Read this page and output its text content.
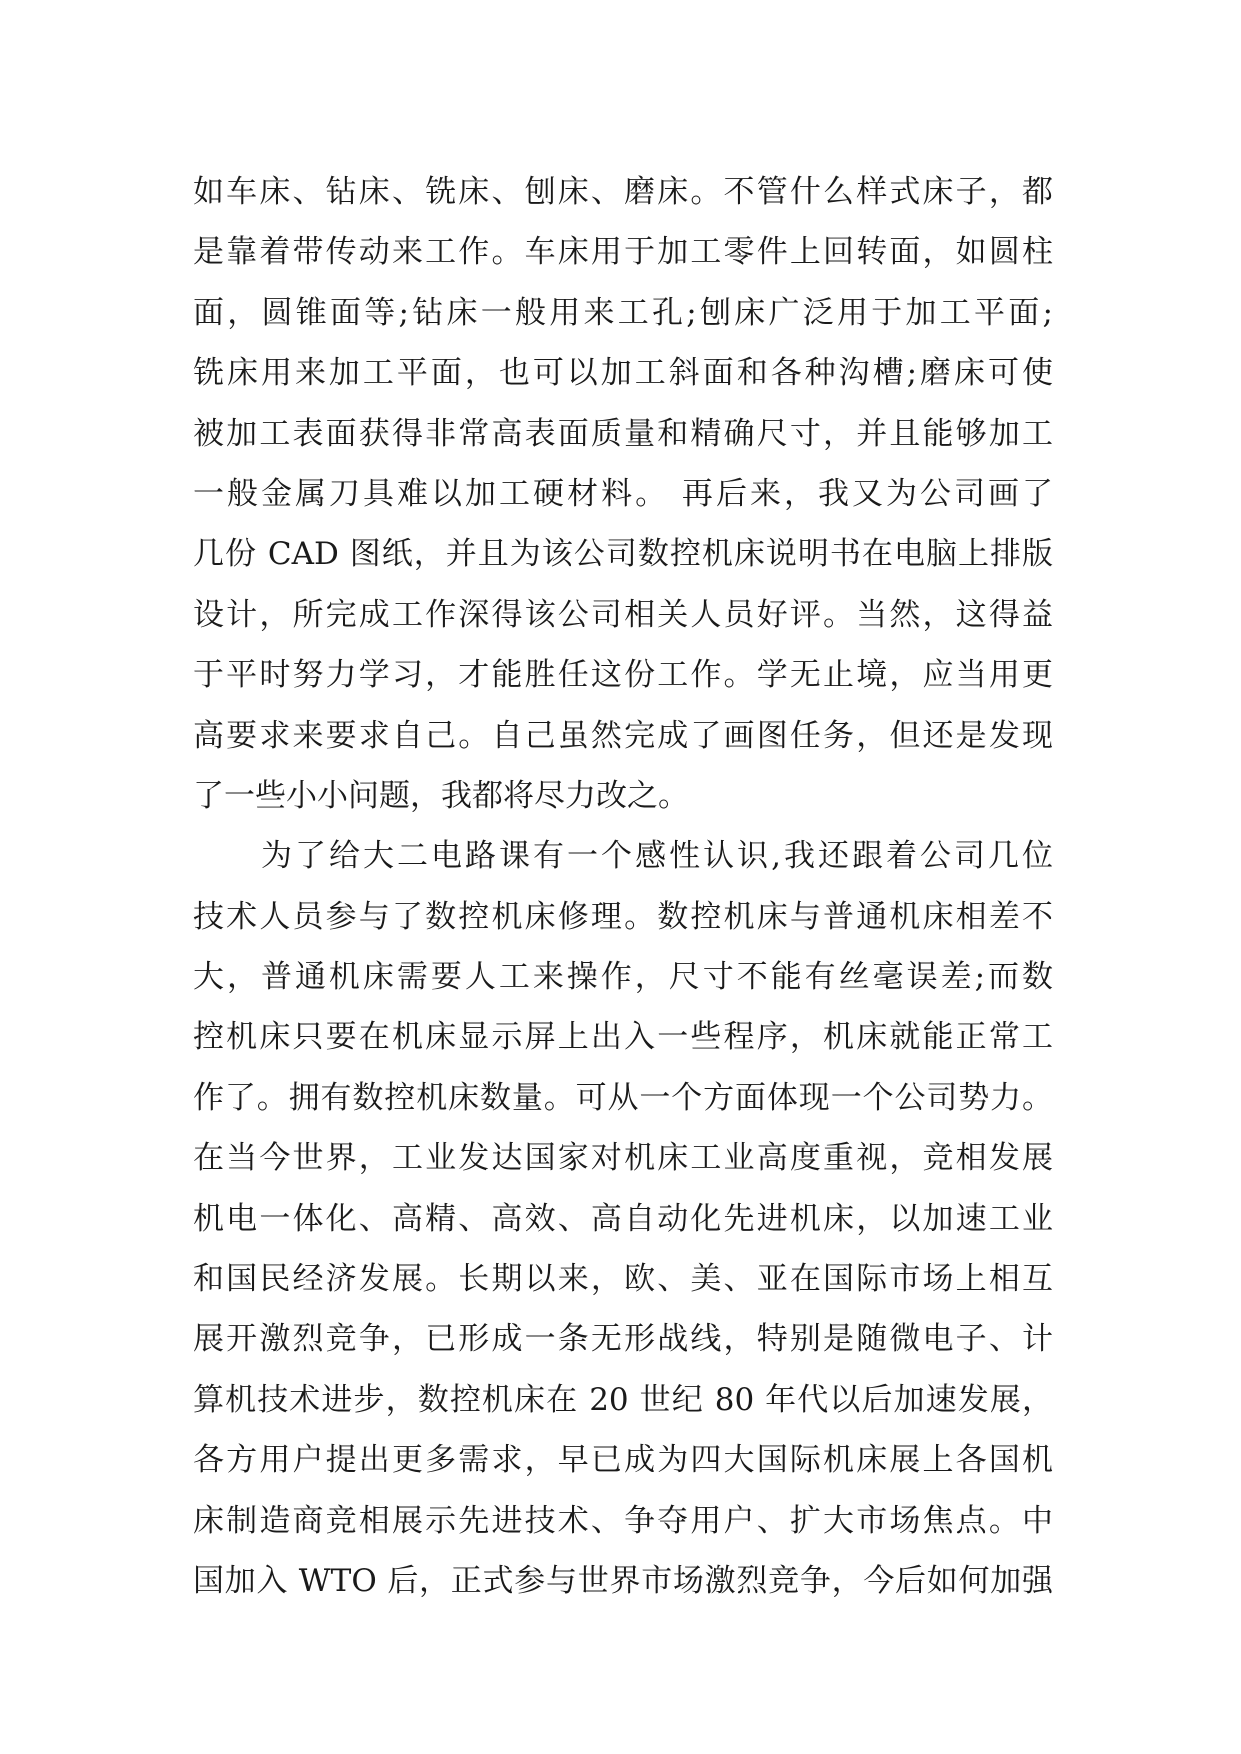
如车床、钻床、铣床、刨床、磨床。不管什么样式床子，都
是靠着带传动来工作。车床用于加工零件上回转面，如圆柱
面，圆锥面等;钻床一般用来工孔;刨床广泛用于加工平面;
铣床用来加工平面，也可以加工斜面和各种沟槽;磨床可使
被加工表面获得非常高表面质量和精确尺寸，并且能够加工
一般金属刀具难以加工硬材料。 再后来，我又为公司画了
几份 CAD 图纸，并且为该公司数控机床说明书在电脑上排版
设计，所完成工作深得该公司相关人员好评。当然，这得益
于平时努力学习，才能胜任这份工作。学无止境，应当用更
高要求来要求自己。自己虽然完成了画图任务，但还是发现
了一些小小问题，我都将尽力改之。
为了给大二电路课有一个感性认识,我还跟着公司几位
技术人员参与了数控机床修理。数控机床与普通机床相差不
大，普通机床需要人工来操作，尺寸不能有丝毫误差;而数
控机床只要在机床显示屏上出入一些程序，机床就能正常工
作了。拥有数控机床数量。可从一个方面体现一个公司势力。
在当今世界，工业发达国家对机床工业高度重视，竞相发展
机电一体化、高精、高效、高自动化先进机床，以加速工业
和国民经济发展。长期以来，欧、美、亚在国际市场上相互
展开激烈竞争，已形成一条无形战线，特别是随微电子、计
算机技术进步，数控机床在 20 世纪 80 年代以后加速发展，
各方用户提出更多需求，早已成为四大国际机床展上各国机
床制造商竞相展示先进技术、争夺用户、扩大市场焦点。中
国加入 WTO 后，正式参与世界市场激烈竞争，今后如何加强
